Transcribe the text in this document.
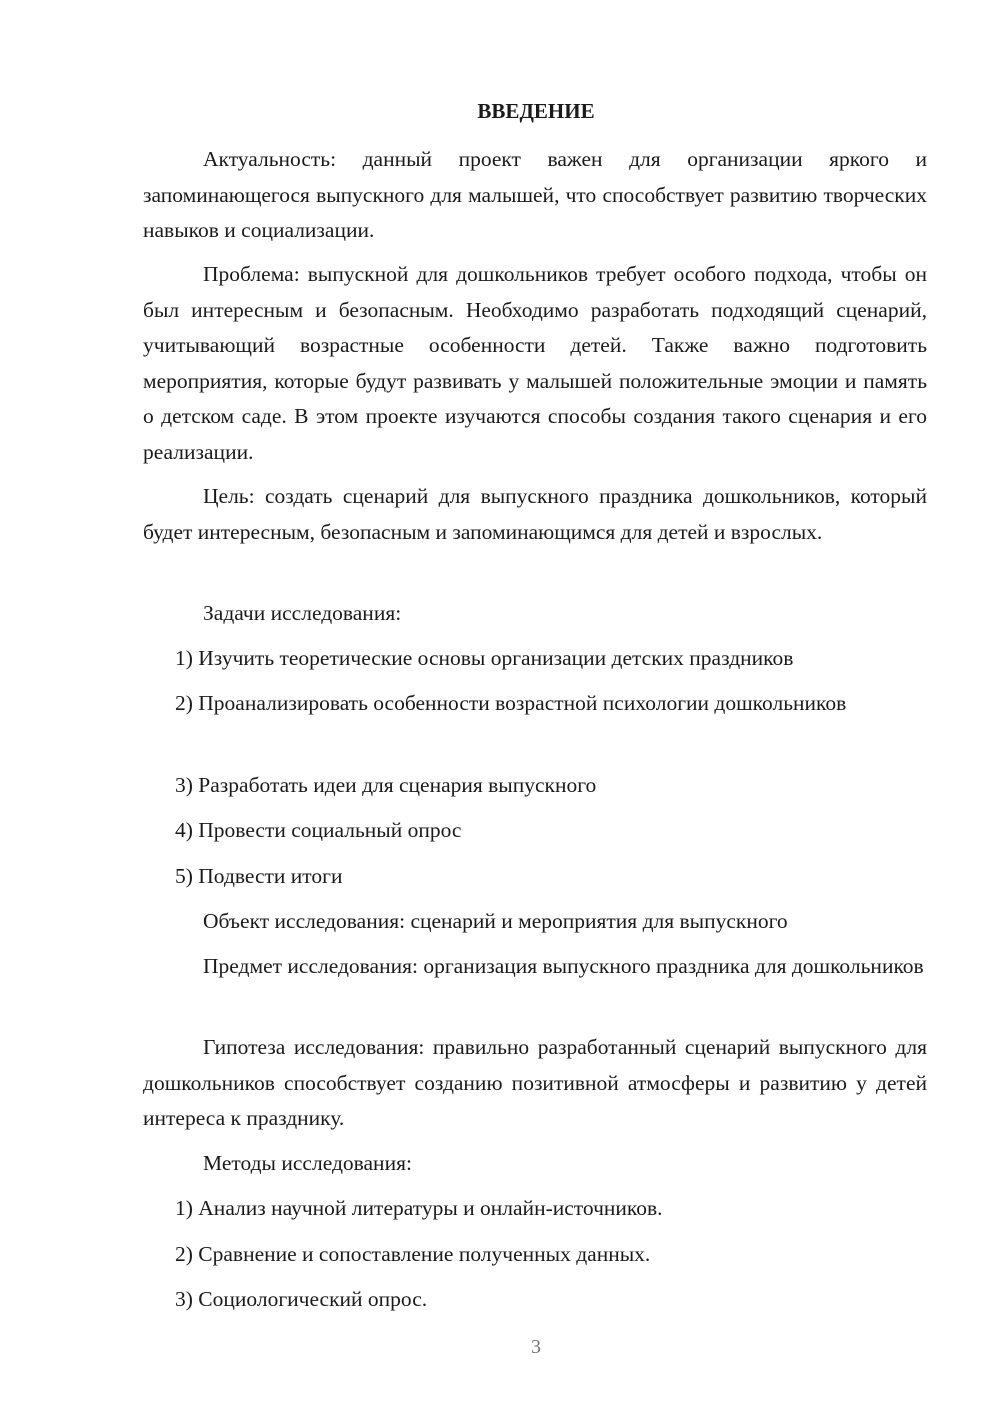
ВВЕДЕНИЕ
Актуальность: данный проект важен для организации яркого и запоминающегося выпускного для малышей, что способствует развитию творческих навыков и социализации.
Проблема: выпускной для дошкольников требует особого подхода, чтобы он был интересным и безопасным. Необходимо разработать подходящий сценарий, учитывающий возрастные особенности детей. Также важно подготовить мероприятия, которые будут развивать у малышей положительные эмоции и память о детском саде. В этом проекте изучаются способы создания такого сценария и его реализации.
Цель: создать сценарий для выпускного праздника дошкольников, который будет интересным, безопасным и запоминающимся для детей и взрослых.
Задачи исследования:
1) Изучить теоретические основы организации детских праздников
2) Проанализировать особенности возрастной психологии дошкольников
3) Разработать идеи для сценария выпускного
4) Провести социальный опрос
5) Подвести итоги
Объект исследования: сценарий и мероприятия для выпускного
Предмет исследования: организация выпускного праздника для дошкольников
Гипотеза исследования: правильно разработанный сценарий выпускного для дошкольников способствует созданию позитивной атмосферы и развитию у детей интереса к празднику.
Методы исследования:
1) Анализ научной литературы и онлайн-источников.
2) Сравнение и сопоставление полученных данных.
3) Социологический опрос.
3
